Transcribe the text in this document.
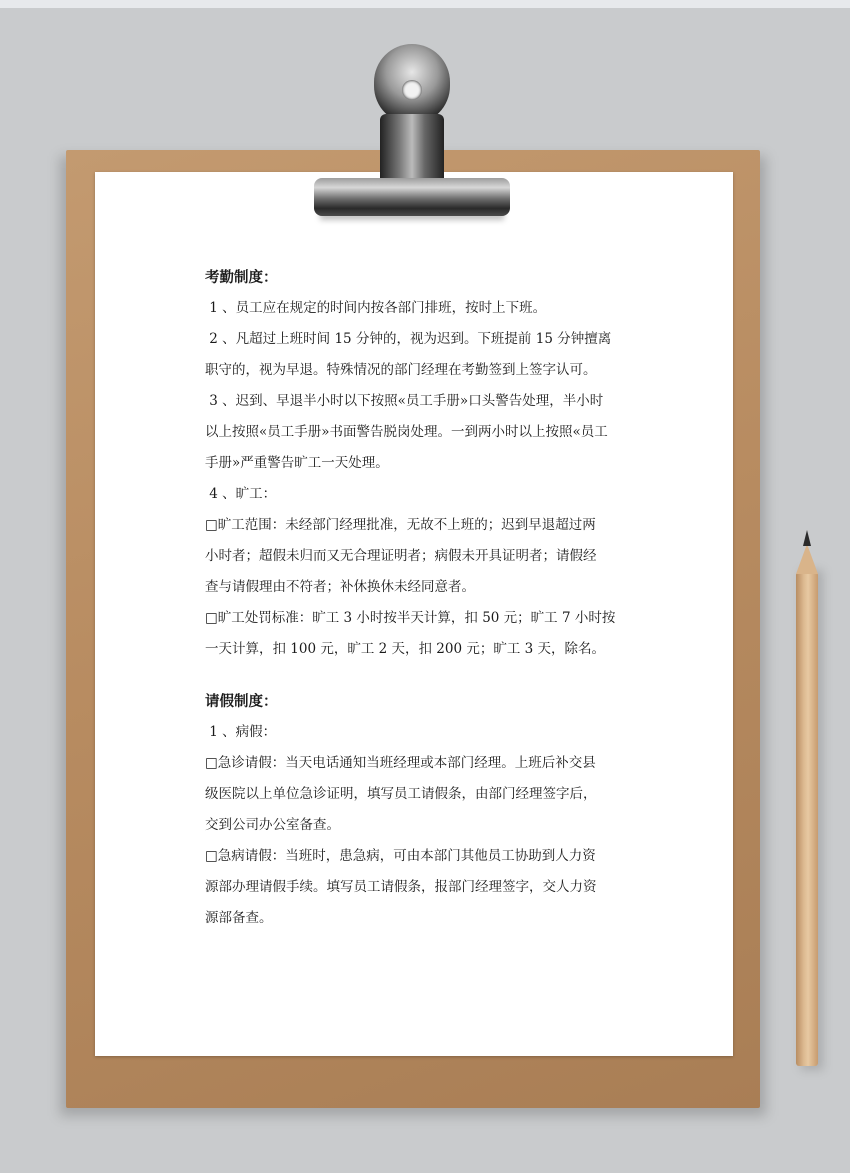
考勤制度：

1 、员工应在规定的时间内按各部门排班，按时上下班。

2 、凡超过上班时间 15 分钟的，视为迟到。下班提前 15 分钟擅离

职守的，视为早退。特殊情况的部门经理在考勤签到上签字认可。

3 、迟到、早退半小时以下按照«员工手册»口头警告处理，半小时

以上按照«员工手册»书面警告脱岗处理。一到两小时以上按照«员工

手册»严重警告旷工一天处理。

4 、旷工：

□旷工范围：未经部门经理批准，无故不上班的；迟到早退超过两

小时者；超假未归而又无合理证明者；病假未开具证明者；请假经

查与请假理由不符者；补休换休未经同意者。

□旷工处罚标准：旷工 3 小时按半天计算，扣 50 元；旷工 7 小时按

一天计算，扣 100 元，旷工 2 天，扣 200 元；旷工 3 天，除名。

请假制度：

1 、病假：

□急诊请假：当天电话通知当班经理或本部门经理。上班后补交县

级医院以上单位急诊证明，填写员工请假条，由部门经理签字后，

交到公司办公室备查。

□急病请假：当班时，患急病，可由本部门其他员工协助到人力资

源部办理请假手续。填写员工请假条，报部门经理签字，交人力资

源部备查。
